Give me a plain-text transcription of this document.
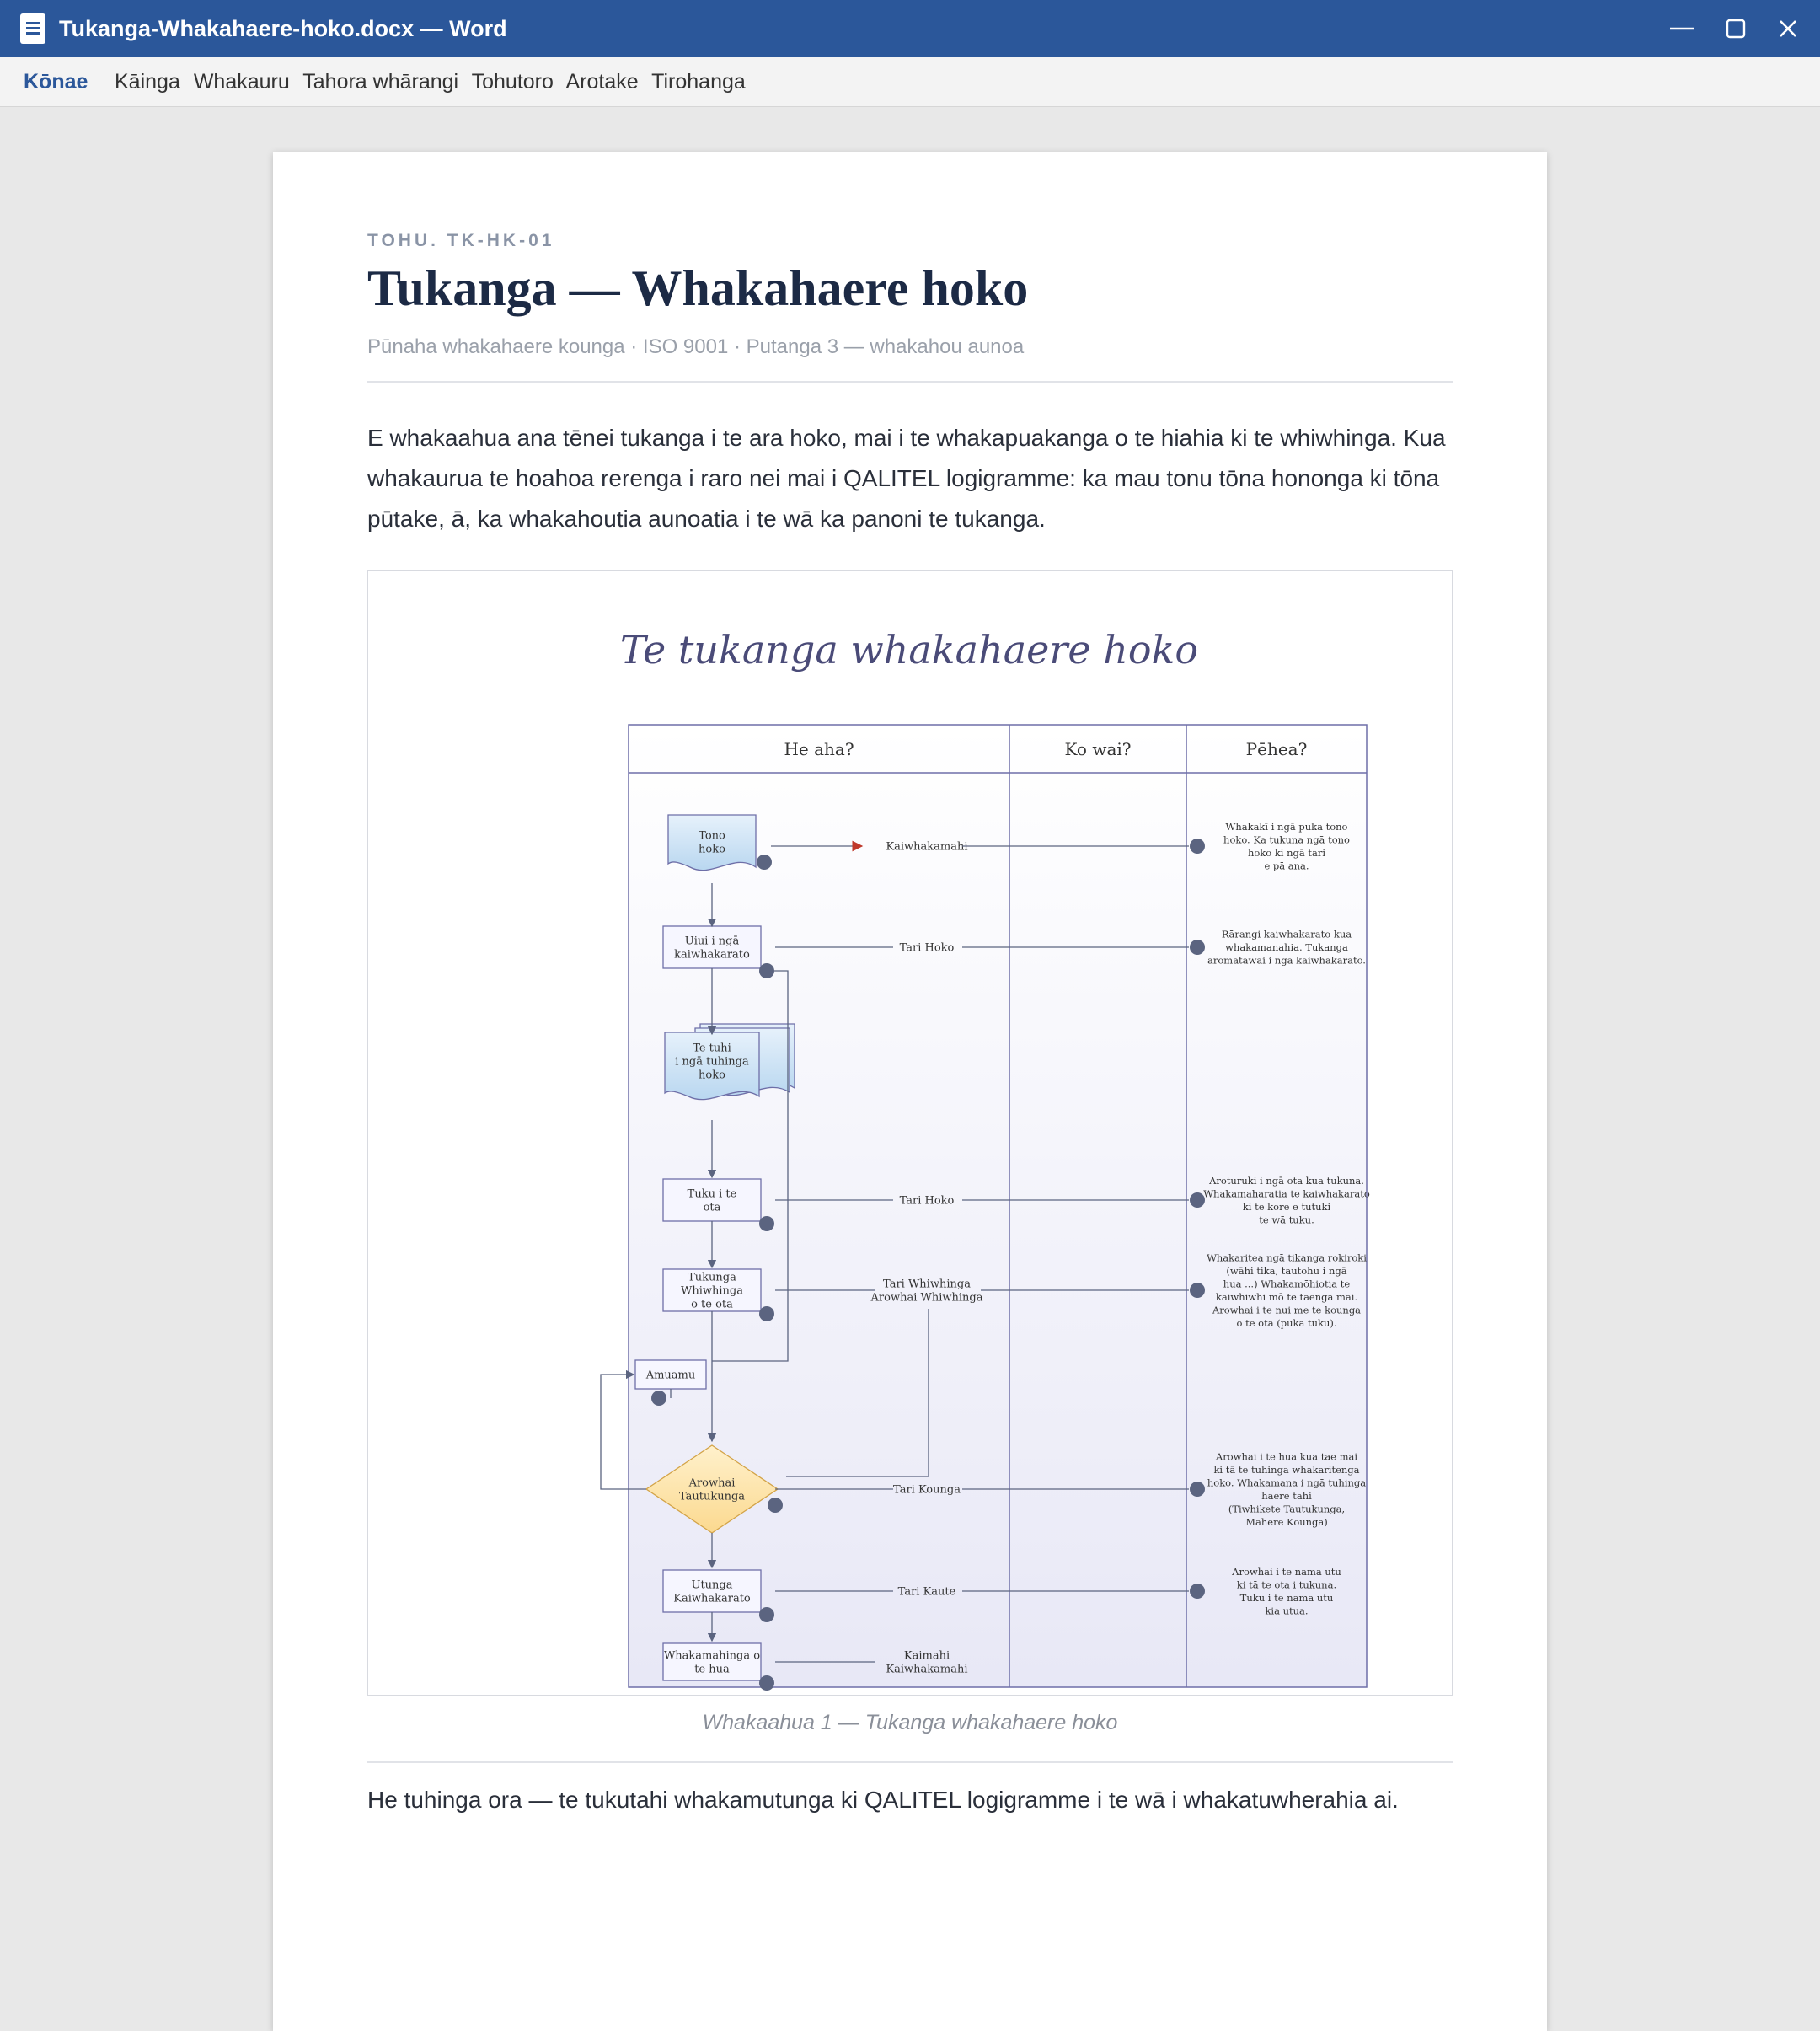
Tukanga-Whakahaere-hoko.docx — Word
Kōnae Kāinga Whakauru Tahora whārangi Tohutoro Arotake Tirohanga
TOHU. TK-HK-01
Tukanga — Whakahaere hoko
Pūnaha whakahaere kounga · ISO 9001 · Putanga 3 — whakahou aunoa
E whakaahua ana tēnei tukanga i te ara hoko, mai i te whakapuakanga o te hiahia ki te whiwhinga. Kua whakaurua te hoahoa rerenga i raro nei mai i QALITEL logigramme: ka mau tonu tōna hononga ki tōna pūtake, ā, ka whakahoutia aunoatia i te wā ka panoni te tukanga.
Te tukanga whakahaere hoko
He aha?	Ko wai?	Pēhea?
Tono
hoko
Uiui i ngā
kaiwhakarato
Te tuhi
i ngā tuhinga
hoko
Tuku i te
ota
Tukunga
Whiwhinga
o te ota
Amuamu
Arowhai
Tautukunga
Utunga
Kaiwhakarato
Whakamahinga o
te hua
Kaiwhakamahi
Whakakī i ngā puka tono
hoko. Ka tukuna ngā tono
hoko ki ngā tari
e pā ana.
Tari Hoko
Rārangi kaiwhakarato kua
whakamanahia. Tukanga
aromatawai i ngā kaiwhakarato.
Tari Hoko
Aroturuki i ngā ota kua tukuna.
Whakamaharatia te kaiwhakarato
ki te kore e tutuki
te wā tuku.
Tari Whiwhinga
Arowhai Whiwhinga
Whakaritea ngā tikanga rokiroki
(wāhi tika, tautohu i ngā
hua ...) Whakamōhiotia te
kaiwhiwhi mō te taenga mai.
Arowhai i te nui me te kounga
o te ota (puka tuku).
Tari Kounga
Arowhai i te hua kua tae mai
ki tā te tuhinga whakaritenga
hoko. Whakamana i ngā tuhinga
haere tahi
(Tiwhikete Tautukunga,
Mahere Kounga)
Tari Kaute
Arowhai i te nama utu
ki tā te ota i tukuna.
Tuku i te nama utu
kia utua.
Kaimahi
Kaiwhakamahi
Whakaahua 1 — Tukanga whakahaere hoko
He tuhinga ora — te tukutahi whakamutunga ki QALITEL logigramme i te wā i whakatuwherahia ai.
